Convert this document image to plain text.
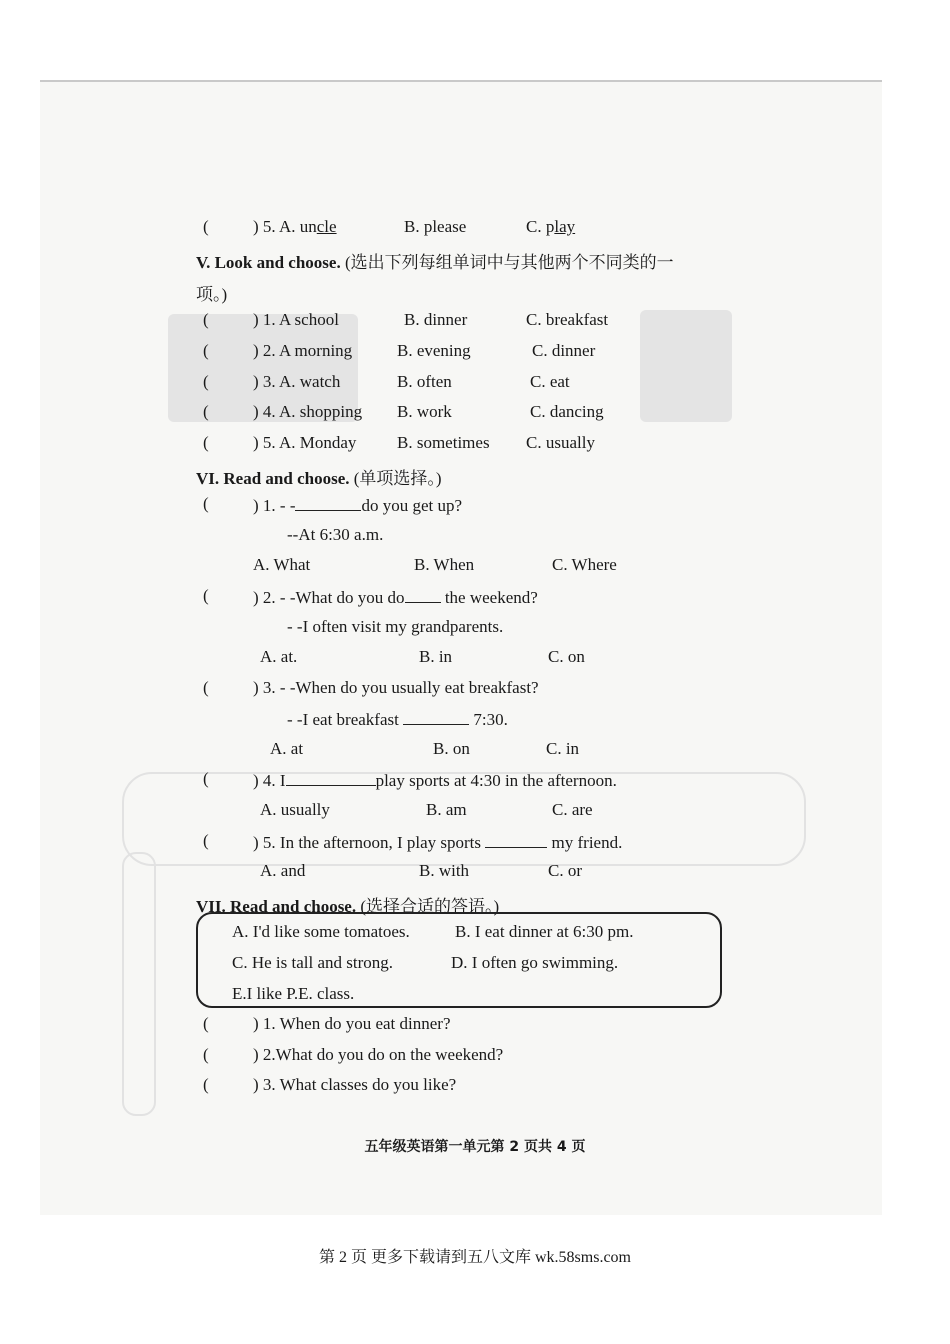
(	) 5. A. uncle	B. please	C. play
V. Look and choose. (选出下列每组单词中与其他两个不同类的一
项。)
(	) 1. A school	B. dinner	C. breakfast
(	) 2. A morning	B. evening	C. dinner
(	) 3. A. watch	B. often	C. eat
(	) 4. A. shopping B. work	C. dancing
(	) 5. A. Monday B. sometimes C. usually
VI. Read and choose. (单项选择。)
(	) 1. - -	do you get up?
--At 6:30 a.m.
A. What	B. When	C. Where
(	) 2. - -What do you do the weekend?
- -I often visit my grandparents.
A. at.	B. in	C. on
(	) 3. - -When do you usually eat breakfast?
- -I eat breakfast	7:30.
A. at	B. on	C. in
(	) 4. I	play sports at 4:30 in the afternoon.
A. usually	B. am	C. are
(	) 5. In the afternoon, I play sports	my friend.
A. and	B. with	C. or
VII. Read and choose. (选择合适的答语。)
A. I'd like some tomatoes.	B. I eat dinner at 6:30 pm.
C. He is tall and strong.	D. I often go swimming.
E.I like P.E. class.
(	) 1. When do you eat dinner?
(	) 2.What do you do on the weekend?
(	) 3. What classes do you like?
五年级英语第一单元第 2 页共 4 页
第 2 页 更多下载请到五八文库 wk.58sms.com
